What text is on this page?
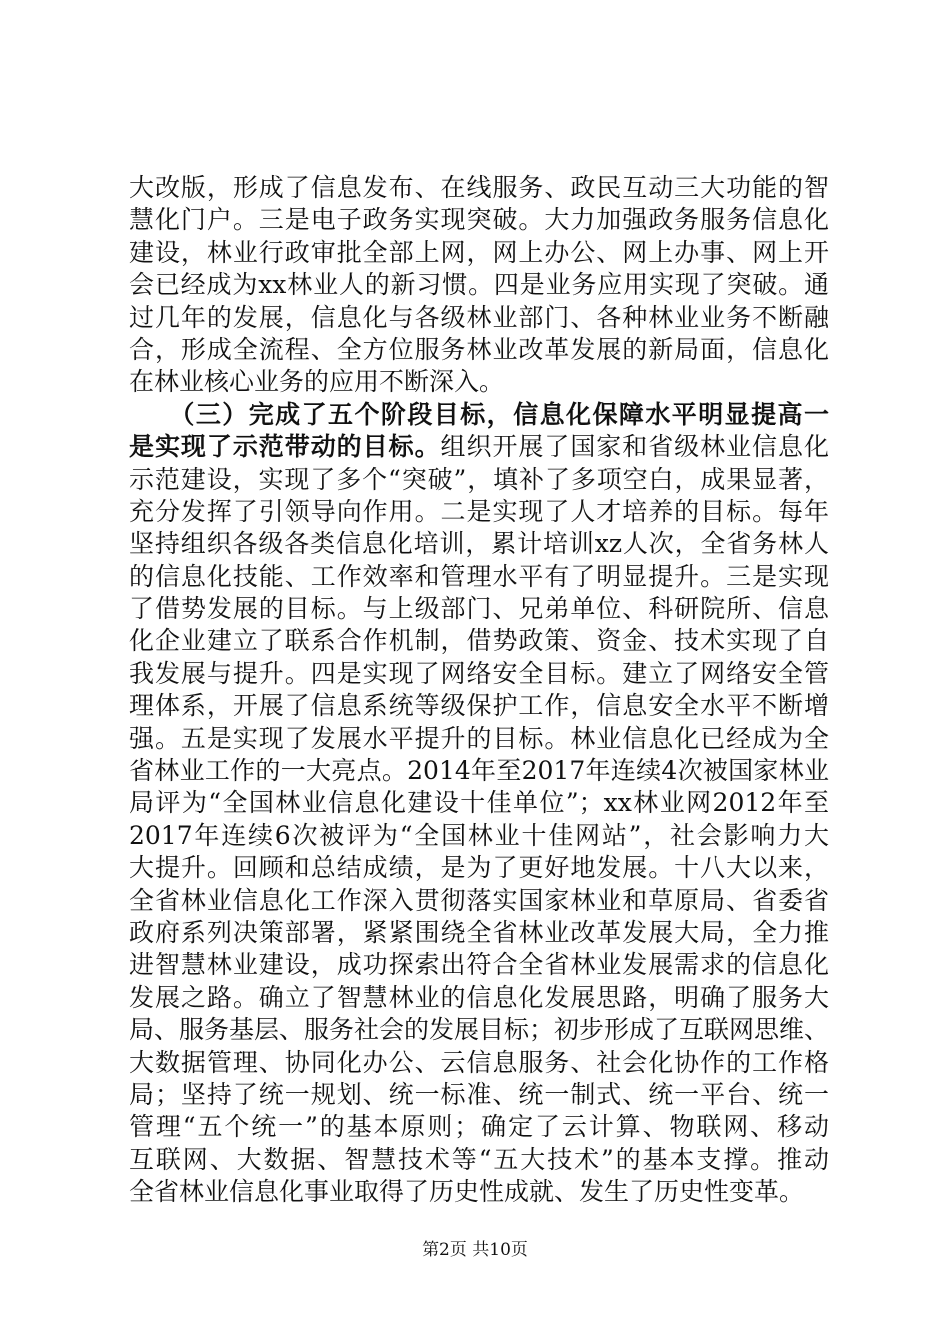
大改版，形成了信息发布、在线服务、政民互动三大功能的智
慧化门户。三是电子政务实现突破。大力加强政务服务信息化
建设，林业行政审批全部上网，网上办公、网上办事、网上开
会已经成为xx林业人的新习惯。四是业务应用实现了突破。通
过几年的发展，信息化与各级林业部门、各种林业业务不断融
合，形成全流程、全方位服务林业改革发展的新局面，信息化
在林业核心业务的应用不断深入。
　　（三）完成了五个阶段目标，信息化保障水平明显提高一
是实现了示范带动的目标。组织开展了国家和省级林业信息化
示范建设，实现了多个“突破”，填补了多项空白，成果显著，
充分发挥了引领导向作用。二是实现了人才培养的目标。每年
坚持组织各级各类信息化培训，累计培训xz人次，全省务林人
的信息化技能、工作效率和管理水平有了明显提升。三是实现
了借势发展的目标。与上级部门、兄弟单位、科研院所、信息
化企业建立了联系合作机制，借势政策、资金、技术实现了自
我发展与提升。四是实现了网络安全目标。建立了网络安全管
理体系，开展了信息系统等级保护工作，信息安全水平不断增
强。五是实现了发展水平提升的目标。林业信息化已经成为全
省林业工作的一大亮点。2014年至2017年连续4次被国家林业
局评为“全国林业信息化建设十佳单位”；xx林业网2012年至
2017年连续6次被评为“全国林业十佳网站”，社会影响力大
大提升。回顾和总结成绩，是为了更好地发展。十八大以来，
全省林业信息化工作深入贯彻落实国家林业和草原局、省委省
政府系列决策部署，紧紧围绕全省林业改革发展大局，全力推
进智慧林业建设，成功探索出符合全省林业发展需求的信息化
发展之路。确立了智慧林业的信息化发展思路，明确了服务大
局、服务基层、服务社会的发展目标；初步形成了互联网思维、
大数据管理、协同化办公、云信息服务、社会化协作的工作格
局；坚持了统一规划、统一标准、统一制式、统一平台、统一
管理“五个统一”的基本原则；确定了云计算、物联网、移动
互联网、大数据、智慧技术等“五大技术”的基本支撑。推动
全省林业信息化事业取得了历史性成就、发生了历史性变革。
第2页 共10页
